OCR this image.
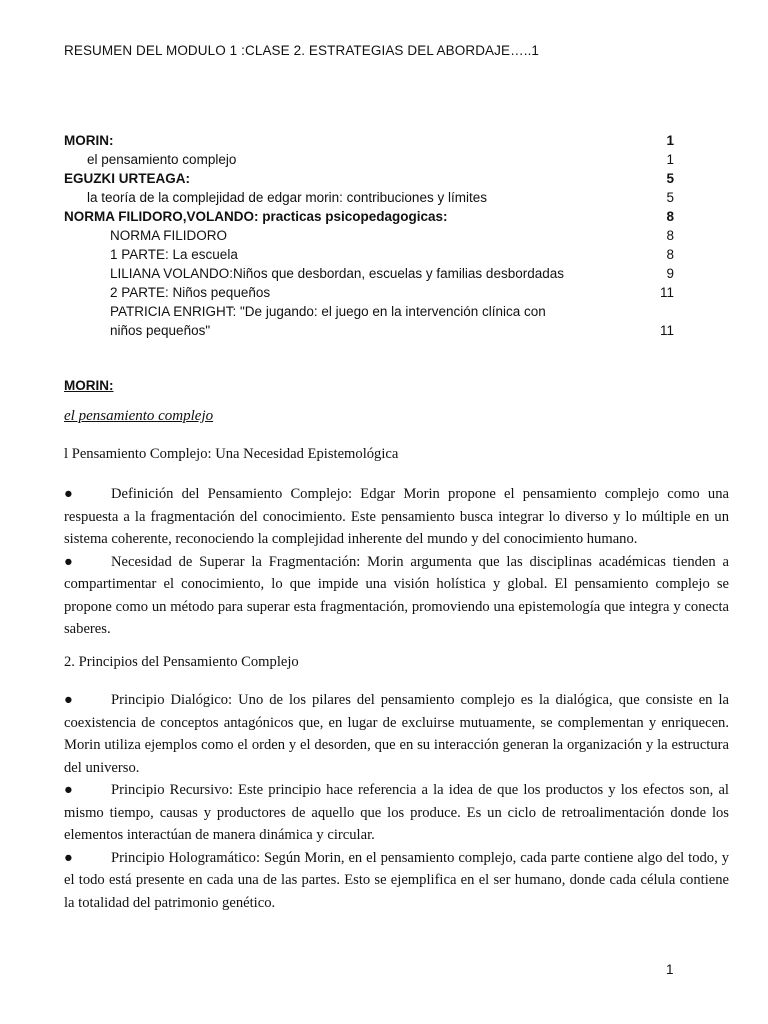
RESUMEN DEL MODULO 1 :CLASE 2. ESTRATEGIAS DEL ABORDAJE…..1
MORIN:	1
el pensamiento complejo	1
EGUZKI URTEAGA:	5
la teoría de la complejidad de edgar morin: contribuciones y límites	5
NORMA FILIDORO,VOLANDO: practicas psicopedagogicas:	8
NORMA FILIDORO	8
1 PARTE: La escuela	8
LILIANA VOLANDO:Niños que desbordan, escuelas y familias desbordadas	9
2 PARTE: Niños pequeños	11
PATRICIA ENRIGHT: "De jugando: el juego en la intervención clínica con niños pequeños"	11
MORIN:
el pensamiento complejo
l Pensamiento Complejo: Una Necesidad Epistemológica
●	Definición del Pensamiento Complejo: Edgar Morin propone el pensamiento complejo como una respuesta a la fragmentación del conocimiento. Este pensamiento busca integrar lo diverso y lo múltiple en un sistema coherente, reconociendo la complejidad inherente del mundo y del conocimiento humano.
●	Necesidad de Superar la Fragmentación: Morin argumenta que las disciplinas académicas tienden a compartimentar el conocimiento, lo que impide una visión holística y global. El pensamiento complejo se propone como un método para superar esta fragmentación, promoviendo una epistemología que integra y conecta saberes.
2. Principios del Pensamiento Complejo
●	Principio Dialógico: Uno de los pilares del pensamiento complejo es la dialógica, que consiste en la coexistencia de conceptos antagónicos que, en lugar de excluirse mutuamente, se complementan y enriquecen. Morin utiliza ejemplos como el orden y el desorden, que en su interacción generan la organización y la estructura del universo.
●	Principio Recursivo: Este principio hace referencia a la idea de que los productos y los efectos son, al mismo tiempo, causas y productores de aquello que los produce. Es un ciclo de retroalimentación donde los elementos interactúan de manera dinámica y circular.
●	Principio Hologramático: Según Morin, en el pensamiento complejo, cada parte contiene algo del todo, y el todo está presente en cada una de las partes. Esto se ejemplifica en el ser humano, donde cada célula contiene la totalidad del patrimonio genético.
1
